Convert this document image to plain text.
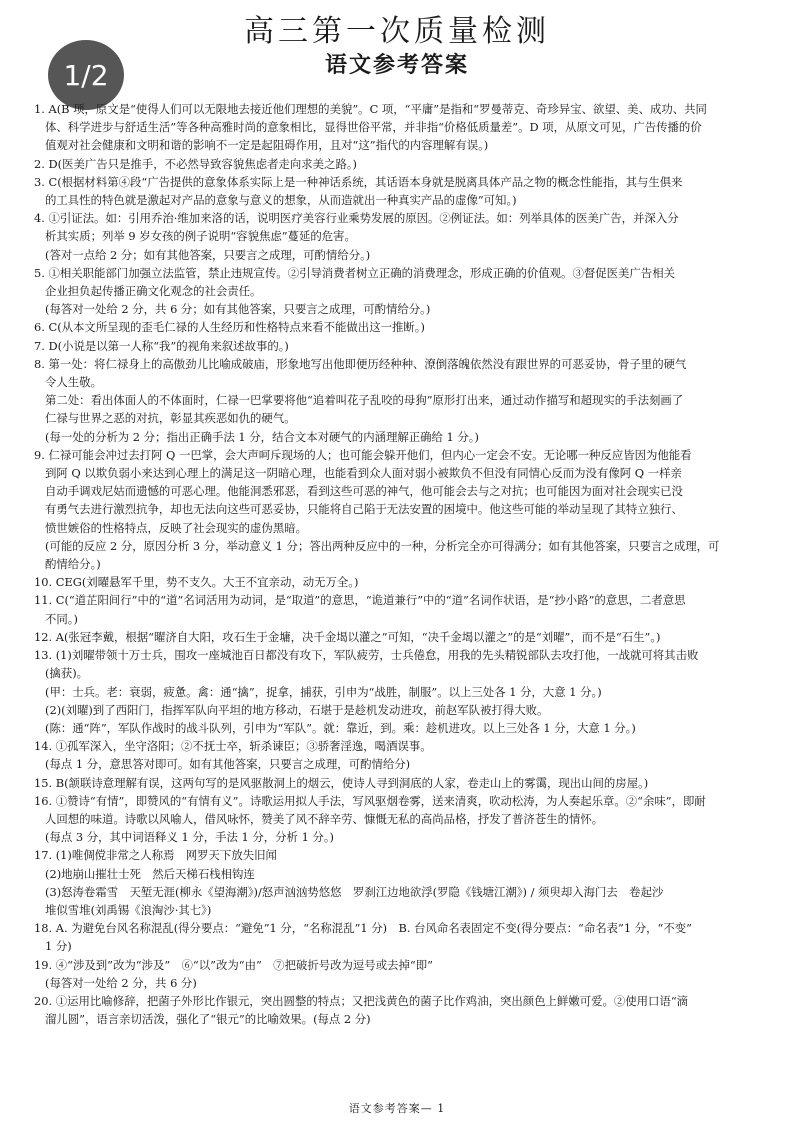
1/2
高三第一次质量检测
语文参考答案
1. A(B 项，原文是“使得人们可以无限地去接近他们理想的美貌”。C 项，“平庸”是指和“罗曼蒂克、奇珍异宝、欲望、美、成功、共同
体、科学进步与舒适生活”等各种高雅时尚的意象相比，显得世俗平常，并非指“价格低质量差”。D 项，从原文可见，广告传播的价
值观对社会健康和文明和谐的影响不一定是起阻碍作用，且对“这”指代的内容理解有误。)
2. D(医美广告只是推手，不必然导致容貌焦虑者走向求美之路。)
3. C(根据材料第④段“广告提供的意象体系实际上是一种神话系统，其话语本身就是脱离具体产品之物的概念性能指，其与生俱来
的工具性的特色就是激起对产品的意象与意义的想象，从而造就出一种真实产品的虚像”可知。)
4. ①引证法。如：引用乔治·维加来洛的话，说明医疗美容行业乘势发展的原因。②例证法。如：列举具体的医美广告，并深入分
析其实质；列举 9 岁女孩的例子说明“容貌焦虑”蔓延的危害。
(答对一点给 2 分；如有其他答案，只要言之成理，可酌情给分。)
5. ①相关职能部门加强立法监管，禁止违规宣传。②引导消费者树立正确的消费理念，形成正确的价值观。③督促医美广告相关
企业担负起传播正确文化观念的社会责任。
(每答对一处给 2 分，共 6 分；如有其他答案，只要言之成理，可酌情给分。)
6. C(从本文所呈现的歪毛仁禄的人生经历和性格特点来看不能做出这一推断。)
7. D(小说是以第一人称“我”的视角来叙述故事的。)
8. 第一处：将仁禄身上的高傲劲儿比喻成破庙，形象地写出他即便历经种种、潦倒落魄依然没有跟世界的可恶妥协，骨子里的硬气
令人生敬。
第二处：看出体面人的不体面时，仁禄一巴掌要将他“追着叫花子乱咬的母狗”原形打出来，通过动作描写和超现实的手法刻画了
仁禄与世界之恶的对抗，彰显其疾恶如仇的硬气。
(每一处的分析为 2 分；指出正确手法 1 分，结合文本对硬气的内涵理解正确给 1 分。)
9. 仁禄可能会冲过去打阿 Q 一巴掌，会大声呵斥现场的人；也可能会躲开他们，但内心一定会不安。无论哪一种反应皆因为他能看
到阿 Q 以欺负弱小来达到心理上的满足这一阴暗心理，也能看到众人面对弱小被欺负不但没有同情心反而为没有像阿 Q 一样亲
自动手调戏尼姑而遗憾的可恶心理。他能洞悉邪恶，看到这些可恶的神气，他可能会去与之对抗；也可能因为面对社会现实已没
有勇气去进行激烈抗争，却也无法向这些可恶妥协，只能将自己陷于无法安置的困境中。他这些可能的举动呈现了其特立独行、
愤世嫉俗的性格特点，反映了社会现实的虚伪黑暗。
(可能的反应 2 分，原因分析 3 分，举动意义 1 分；答出两种反应中的一种，分析完全亦可得满分；如有其他答案，只要言之成理，可
酌情给分。)
10. CEG(刘曜悬军千里，势不支久。大王不宜亲动，动无万全。)
11. C(“道芷阳间行”中的“道”名词活用为动词，是“取道”的意思，“诡道兼行”中的“道”名词作状语，是“抄小路”的意思，二者意思
不同。)
12. A(张冠李戴，根据“曜济自大阳，攻石生于金墉，决千金堨以灌之”可知，“决千金堨以灌之”的是“刘曜”，而不是“石生”。)
13. (1)刘曜带领十万士兵，围攻一座城池百日都没有攻下，军队疲劳，士兵倦怠，用我的先头精锐部队去攻打他，一战就可将其击败
(擒获)。
(甲：士兵。老：衰弱，疲惫。禽：通“擒”，捉拿，捕获，引申为“战胜，制服”。以上三处各 1 分，大意 1 分。)
(2)(刘曜)到了西阳门，指挥军队向平坦的地方移动，石堪于是趁机发动进攻，前赵军队被打得大败。
(陈：通“阵”，军队作战时的战斗队列，引申为“军队”。就：靠近，到。乘：趁机进攻。以上三处各 1 分，大意 1 分。)
14. ①孤军深入，坐守洛阳；②不抚士卒，斩杀谏臣；③骄奢淫逸，喝酒误事。
(每点 1 分，意思答对即可。如有其他答案，只要言之成理，可酌情给分)
15. B(颔联诗意理解有误，这两句写的是风驱散洞上的烟云，使诗人寻到洞底的人家，卷走山上的雾霭，现出山间的房屋。)
16. ①赞诗“有情”，即赞风的“有情有义”。诗歌运用拟人手法，写风驱烟卷雾，送来清爽，吹动松涛，为人奏起乐章。②“余味”，即耐
人回想的味道。诗歌以风喻人，借风咏怀，赞美了风不辞辛劳、慷慨无私的高尚品格，抒发了普济苍生的情怀。
(每点 3 分，其中词语释义 1 分，手法 1 分，分析 1 分。)
17. (1)唯倜傥非常之人称焉　网罗天下放失旧闻
(2)地崩山摧壮士死　然后天梯石栈相钩连
(3)怒涛卷霜雪　天堑无涯(柳永《望海潮》)/怒声汹汹势悠悠　罗刹江边地欲浮(罗隐《钱塘江潮》) / 须臾却入海门去　卷起沙
堆似雪堆(刘禹锡《浪淘沙·其七》)
18. A. 为避免台风名称混乱(得分要点：“避免”1 分，“名称混乱”1 分)　B. 台风命名表固定不变(得分要点：“命名表”1 分，“不变”
1 分)
19. ④“涉及到”改为“涉及”　⑥“以”改为“由”　⑦把破折号改为逗号或去掉“即”
(每答对一处给 2 分，共 6 分)
20. ①运用比喻修辞，把菌子外形比作银元，突出圆整的特点；又把浅黄色的菌子比作鸡油，突出颜色上鲜嫩可爱。②使用口语“滴
溜儿圆”，语言亲切活泼，强化了“银元”的比喻效果。(每点 2 分)
语文参考答案— 1
